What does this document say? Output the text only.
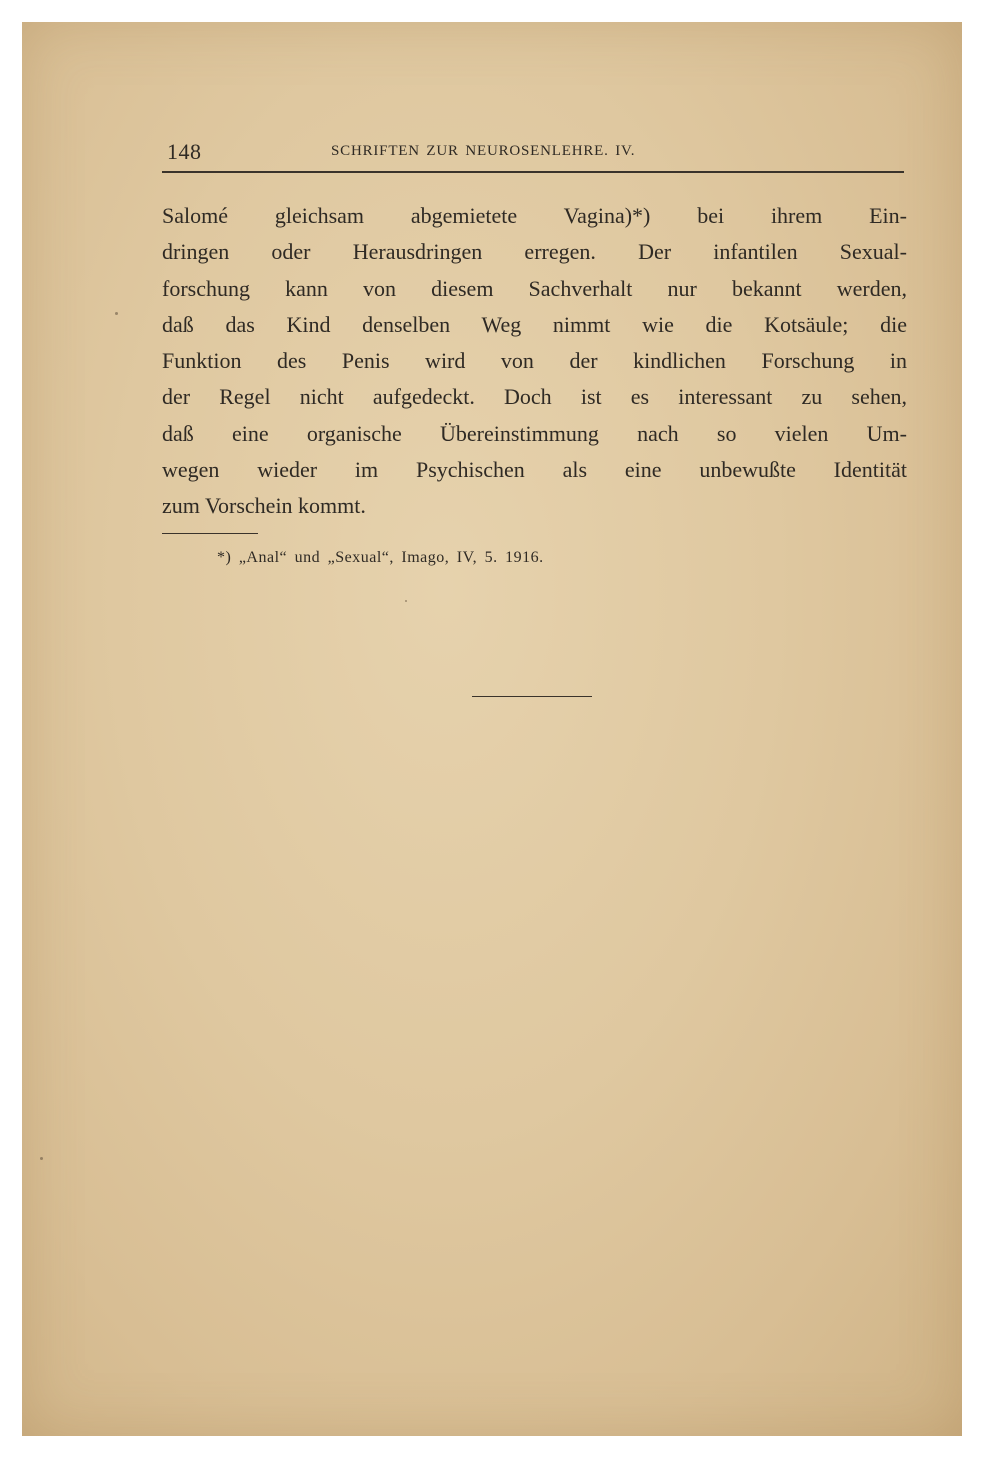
148	SCHRIFTEN ZUR NEUROSENLEHRE. IV.
Salomé gleichsam abgemietete Vagina)*) bei ihrem Ein-
dringen oder Herausdringen erregen. Der infantilen Sexual-
forschung kann von diesem Sachverhalt nur bekannt werden,
daß das Kind denselben Weg nimmt wie die Kotsäule; die
Funktion des Penis wird von der kindlichen Forschung in
der Regel nicht aufgedeckt. Doch ist es interessant zu sehen,
daß eine organische Übereinstimmung nach so vielen Um-
wegen wieder im Psychischen als eine unbewußte Identität
zum Vorschein kommt.
*) „Anal“ und „Sexual“, Imago, IV, 5. 1916.
